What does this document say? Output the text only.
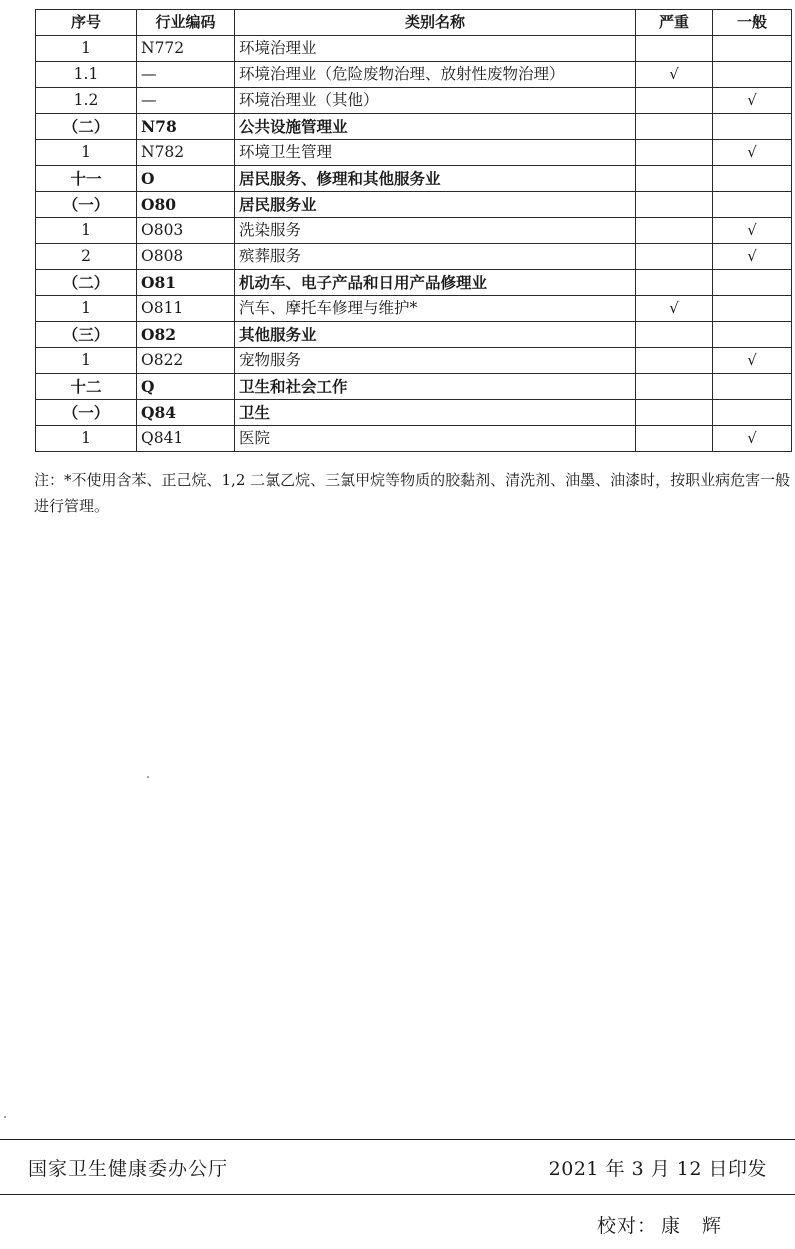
序号	行业编码	类别名称	严重	一般
1	N772	环境治理业		
1.1	—	环境治理业（危险废物治理、放射性废物治理）	√	
1.2	—	环境治理业（其他）		√
（二）	N78	公共设施管理业		
1	N782	环境卫生管理		√
十一	O	居民服务、修理和其他服务业		
（一）	O80	居民服务业		
1	O803	洗染服务		√
2	O808	殡葬服务		√
（二）	O81	机动车、电子产品和日用产品修理业		
1	O811	汽车、摩托车修理与维护*	√	
（三）	O82	其他服务业		
1	O822	宠物服务		√
十二	Q	卫生和社会工作		
（一）	Q84	卫生		
1	Q841	医院		√

注：*不使用含苯、正己烷、1,2 二氯乙烷、三氯甲烷等物质的胶黏剂、清洗剂、油墨、油漆时，按职业病危害一般进行管理。

国家卫生健康委办公厅	2021 年 3 月 12 日印发
校对： 康辉
